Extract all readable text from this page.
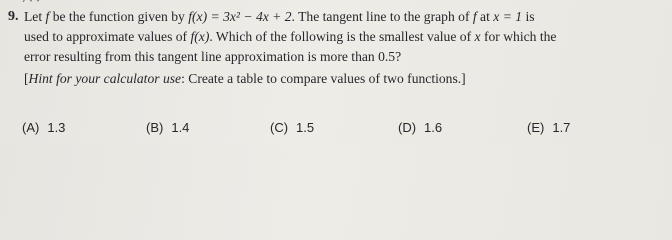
9. Let f be the function given by f(x) = 3x² − 4x + 2. The tangent line to the graph of f at x = 1 is
used to approximate values of f(x). Which of the following is the smallest value of x for which the
error resulting from this tangent line approximation is more than 0.5?
[Hint for your calculator use: Create a table to compare values of two functions.]
(A) 1.3	(B) 1.4	(C) 1.5	(D) 1.6	(E) 1.7
